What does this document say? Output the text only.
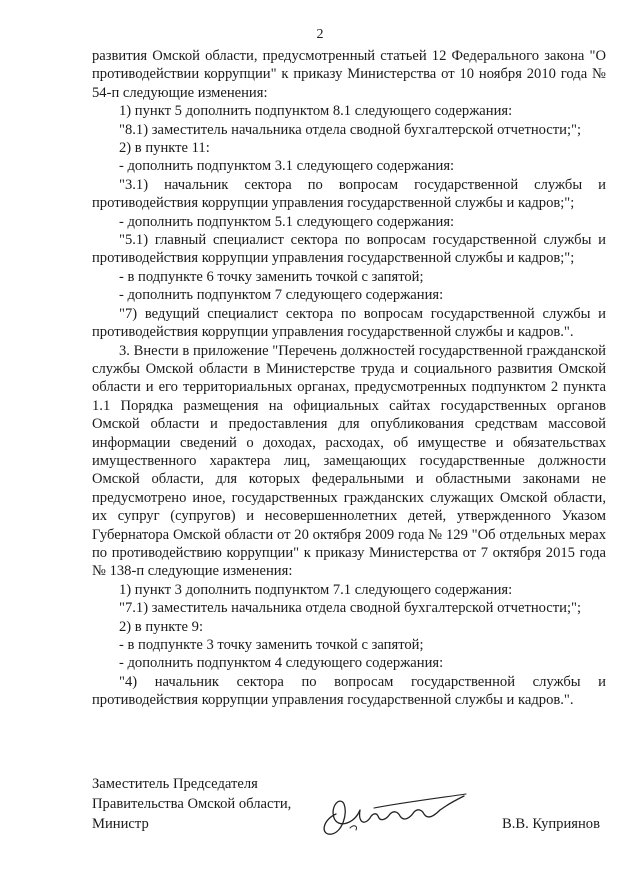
2

развития Омской области, предусмотренный статьей 12 Федерального закона "О противодействии коррупции" к приказу Министерства от 10 ноября 2010 года № 54-п следующие изменения:

1) пункт 5 дополнить подпунктом 8.1 следующего содержания:

"8.1) заместитель начальника отдела сводной бухгалтерской отчетности;";

2) в пункте 11:

- дополнить подпунктом 3.1 следующего содержания:

"3.1) начальник сектора по вопросам государственной службы и противодействия коррупции управления государственной службы и кадров;";

- дополнить подпунктом 5.1 следующего содержания:

"5.1) главный специалист сектора по вопросам государственной службы и противодействия коррупции управления государственной службы и кадров;";

- в подпункте 6 точку заменить точкой с запятой;

- дополнить подпунктом 7 следующего содержания:

"7) ведущий специалист сектора по вопросам государственной службы и противодействия коррупции управления государственной службы и кадров.".

3. Внести в приложение "Перечень должностей государственной гражданской службы Омской области в Министерстве труда и социального развития Омской области и его территориальных органах, предусмотренных подпунктом 2 пункта 1.1 Порядка размещения на официальных сайтах государственных органов Омской области и предоставления для опубликования средствам массовой информации сведений о доходах, расходах, об имуществе и обязательствах имущественного характера лиц, замещающих государственные должности Омской области, для которых федеральными и областными законами не предусмотрено иное, государственных гражданских служащих Омской области, их супруг (супругов) и несовершеннолетних детей, утвержденного Указом Губернатора Омской области от 20 октября 2009 года № 129 "Об отдельных мерах по противодействию коррупции" к приказу Министерства от 7 октября 2015 года № 138-п следующие изменения:

1) пункт 3 дополнить подпунктом 7.1 следующего содержания:

"7.1) заместитель начальника отдела сводной бухгалтерской отчетности;";

2) в пункте 9:

- в подпункте 3 точку заменить точкой с запятой;

- дополнить подпунктом 4 следующего содержания:

"4) начальник сектора по вопросам государственной службы и противодействия коррупции управления государственной службы и кадров.".

Заместитель Председателя
Правительства Омской области,
Министр	В.В. Куприянов
